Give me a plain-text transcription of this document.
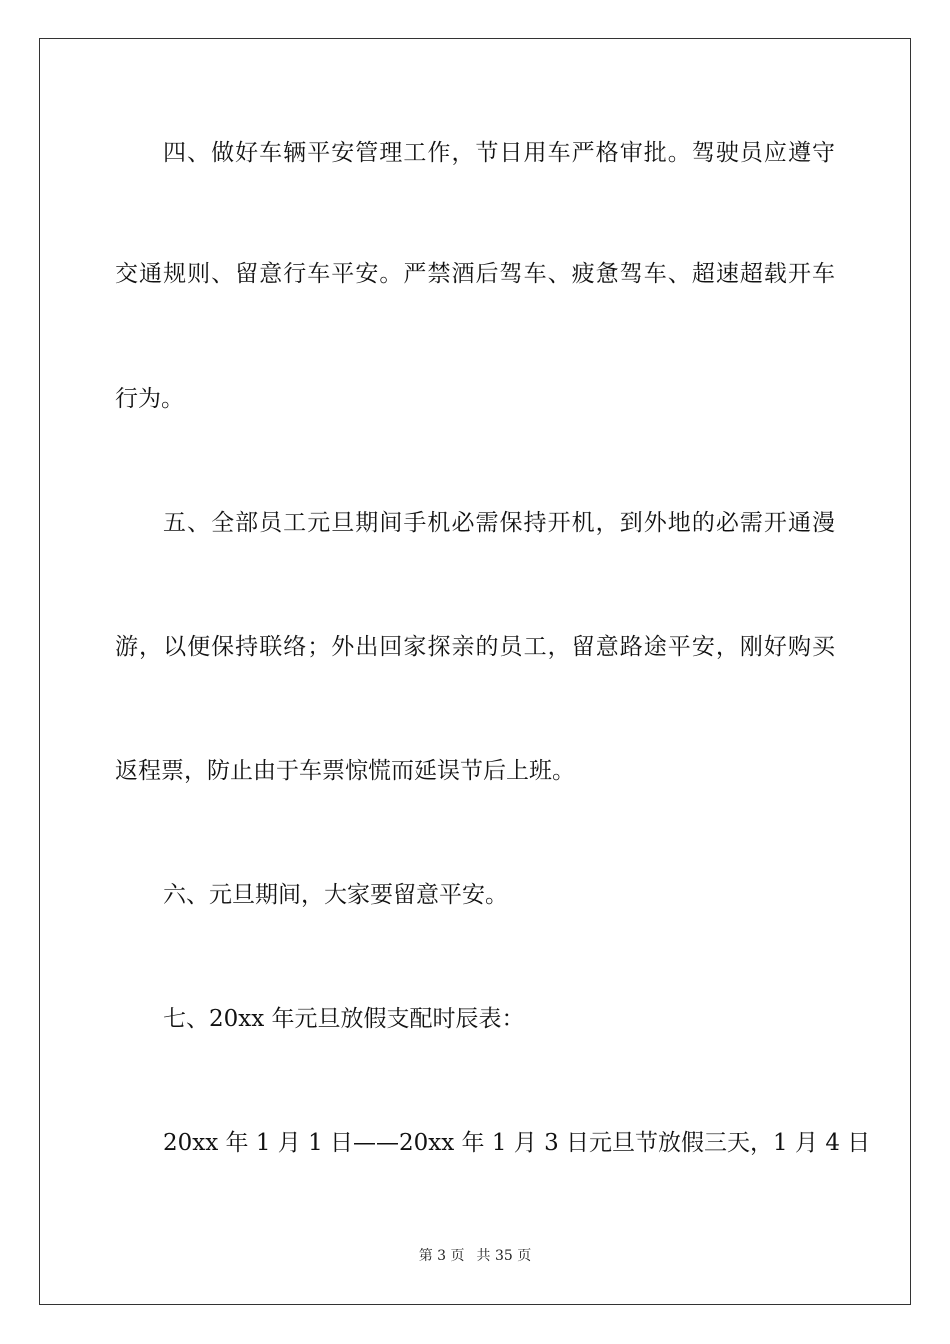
四、做好车辆平安管理工作，节日用车严格审批。驾驶员应遵守
交通规则、留意行车平安。严禁酒后驾车、疲惫驾车、超速超载开车
行为。
五、全部员工元旦期间手机必需保持开机，到外地的必需开通漫
游，以便保持联络；外出回家探亲的员工，留意路途平安，刚好购买
返程票，防止由于车票惊慌而延误节后上班。
六、元旦期间，大家要留意平安。
七、20xx 年元旦放假支配时辰表：
20xx 年 1 月 1 日——20xx 年 1 月 3 日元旦节放假三天，1 月 4 日
第 3 页 共 35 页
